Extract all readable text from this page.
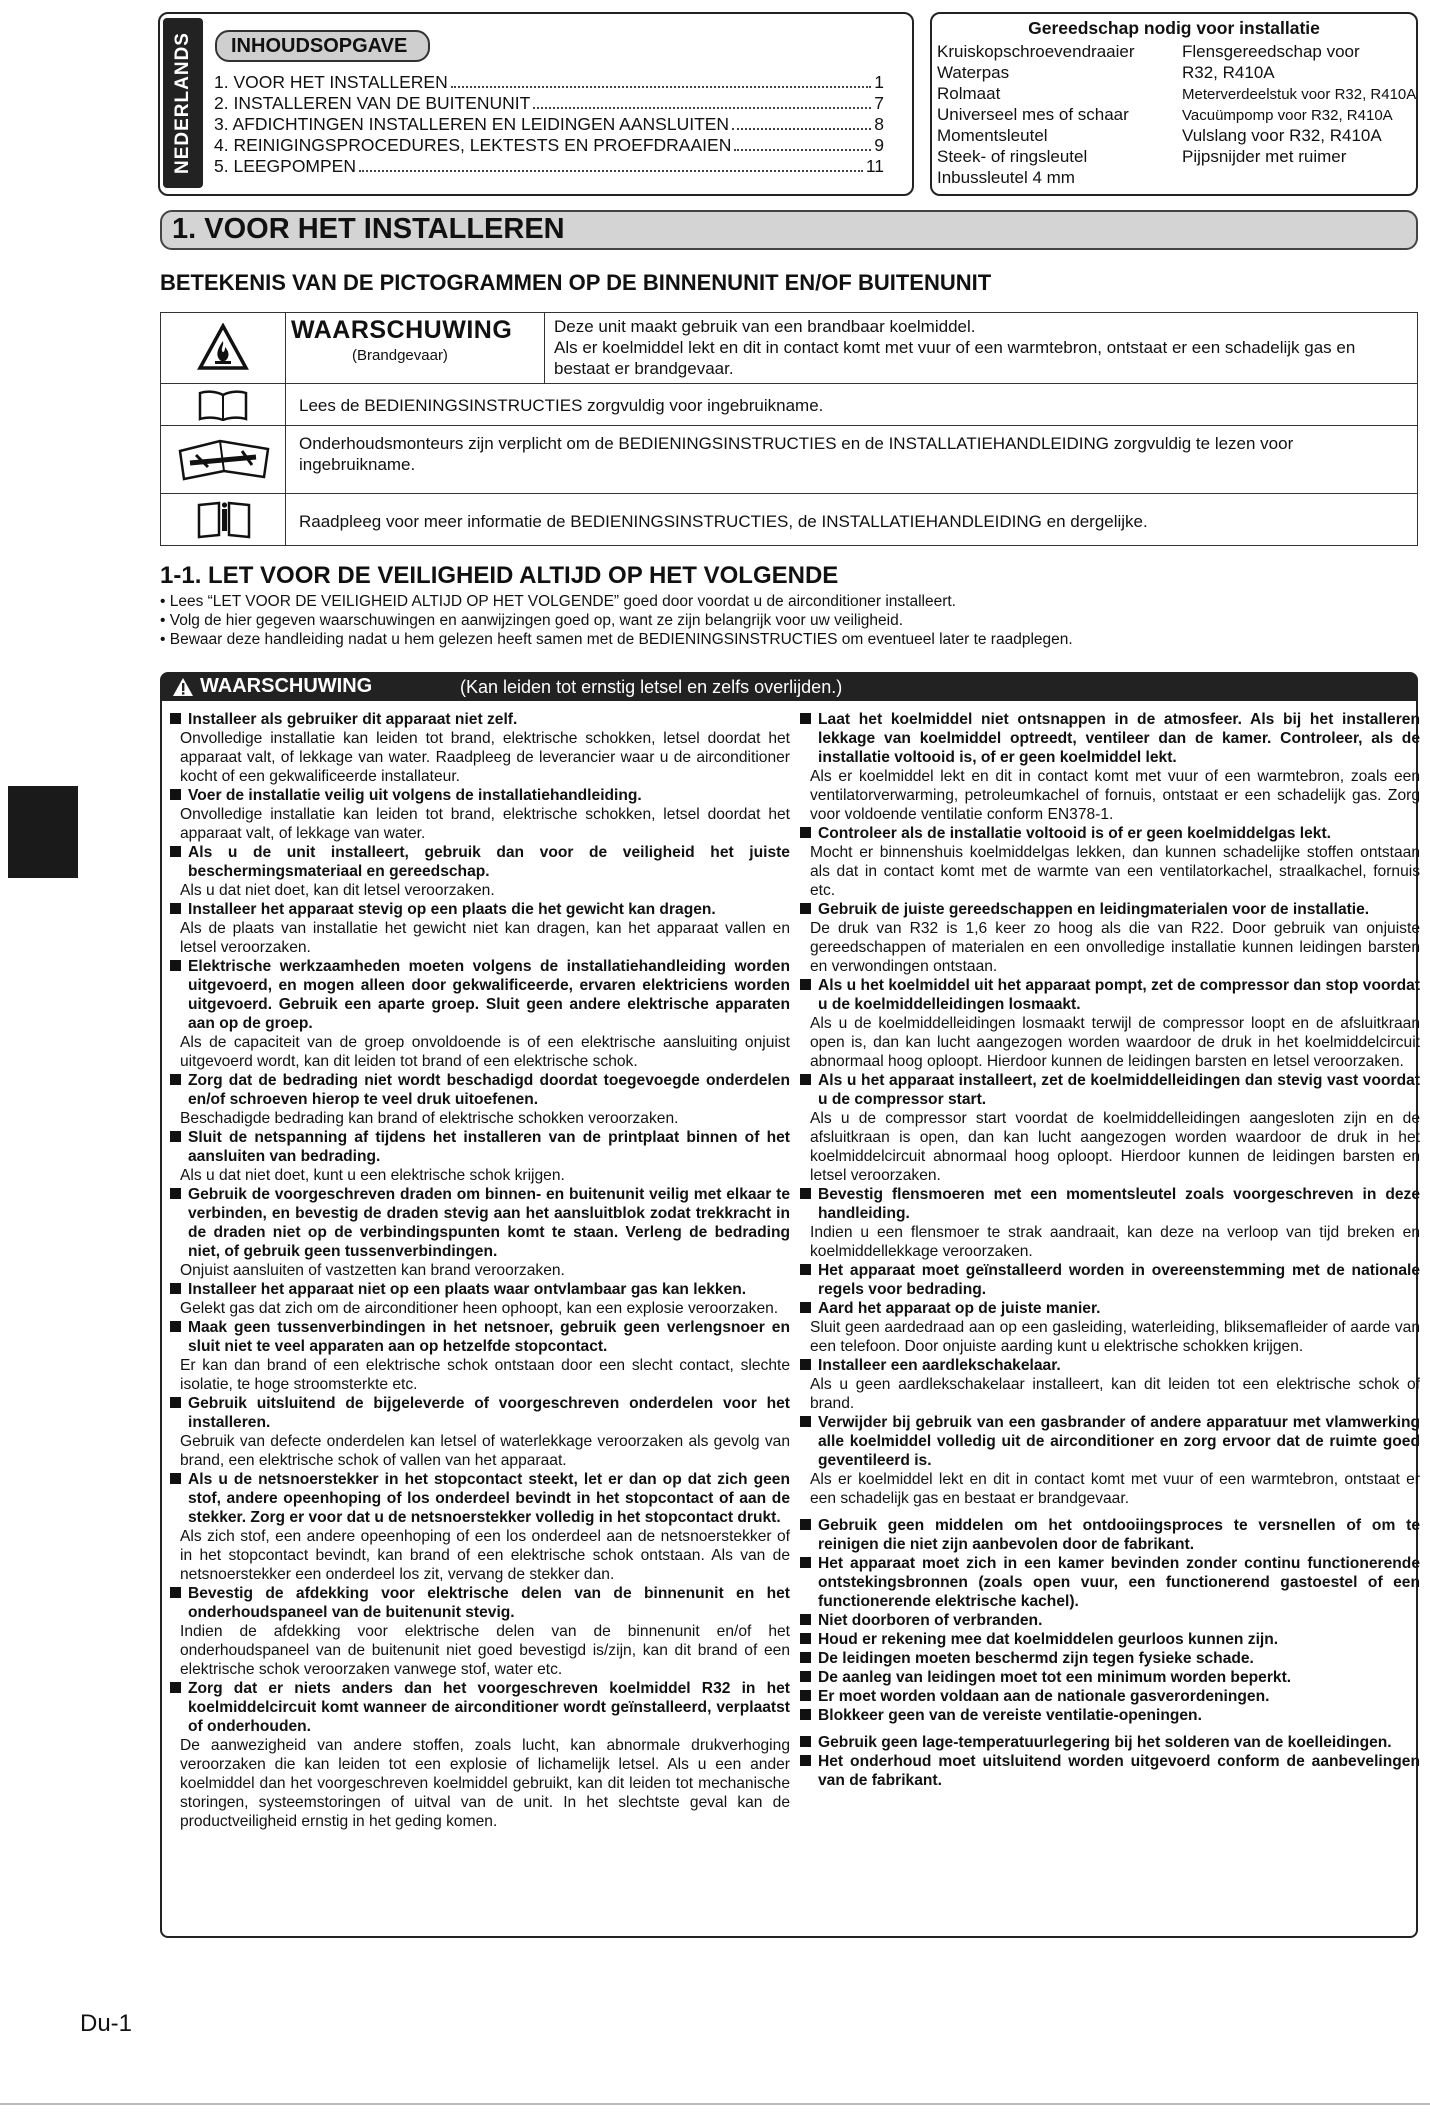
NEDERLANDS	INHOUDSOPGAVE
1. VOOR HET INSTALLEREN	1
2. INSTALLEREN VAN DE BUITENUNIT	7
3. AFDICHTINGEN INSTALLEREN EN LEIDINGEN AANSLUITEN	8
4. REINIGINGSPROCEDURES, LEKTESTS EN PROEFDRAAIEN	9
5. LEEGPOMPEN	11
Gereedschap nodig voor installatie
Kruiskopschroevendraaier
Waterpas
Rolmaat
Universeel mes of schaar
Momentsleutel
Steek- of ringsleutel
Inbussleutel 4 mm
Flensgereedschap voor
R32, R410A
Meterverdeelstuk voor R32, R410A
Vacuümpomp voor R32, R410A
Vulslang voor R32, R410A
Pijpsnijder met ruimer
1. VOOR HET INSTALLEREN
BETEKENIS VAN DE PICTOGRAMMEN OP DE BINNENUNIT EN/OF BUITENUNIT
WAARSCHUWING
(Brandgevaar)
Deze unit maakt gebruik van een brandbaar koelmiddel.
Als er koelmiddel lekt en dit in contact komt met vuur of een warmtebron, ontstaat er een schadelijk gas en bestaat er brandgevaar.
Lees de BEDIENINGSINSTRUCTIES zorgvuldig voor ingebruikname.
Onderhoudsmonteurs zijn verplicht om de BEDIENINGSINSTRUCTIES en de INSTALLATIEHANDLEIDING zorgvuldig te lezen voor ingebruikname.
Raadpleeg voor meer informatie de BEDIENINGSINSTRUCTIES, de INSTALLATIEHANDLEIDING en dergelijke.
1-1. LET VOOR DE VEILIGHEID ALTIJD OP HET VOLGENDE
• Lees “LET VOOR DE VEILIGHEID ALTIJD OP HET VOLGENDE” goed door voordat u de airconditioner installeert.
• Volg de hier gegeven waarschuwingen en aanwijzingen goed op, want ze zijn belangrijk voor uw veiligheid.
• Bewaar deze handleiding nadat u hem gelezen heeft samen met de BEDIENINGSINSTRUCTIES om eventueel later te raadplegen.
WAARSCHUWING	(Kan leiden tot ernstig letsel en zelfs overlijden.)
Installeer als gebruiker dit apparaat niet zelf.
Onvolledige installatie kan leiden tot brand, elektrische schokken, letsel doordat het apparaat valt, of lekkage van water. Raadpleeg de leverancier waar u de airconditioner kocht of een gekwalificeerde installateur.
Voer de installatie veilig uit volgens de installatiehandleiding.
Onvolledige installatie kan leiden tot brand, elektrische schokken, letsel doordat het apparaat valt, of lekkage van water.
Als u de unit installeert, gebruik dan voor de veiligheid het juiste beschermingsmateriaal en gereedschap.
Als u dat niet doet, kan dit letsel veroorzaken.
Installeer het apparaat stevig op een plaats die het gewicht kan dragen.
Als de plaats van installatie het gewicht niet kan dragen, kan het apparaat vallen en letsel veroorzaken.
Elektrische werkzaamheden moeten volgens de installatiehandleiding worden uitgevoerd, en mogen alleen door gekwalificeerde, ervaren elektriciens worden uitgevoerd. Gebruik een aparte groep. Sluit geen andere elektrische apparaten aan op de groep.
Als de capaciteit van de groep onvoldoende is of een elektrische aansluiting onjuist uitgevoerd wordt, kan dit leiden tot brand of een elektrische schok.
Zorg dat de bedrading niet wordt beschadigd doordat toegevoegde onderdelen en/of schroeven hierop te veel druk uitoefenen.
Beschadigde bedrading kan brand of elektrische schokken veroorzaken.
Sluit de netspanning af tijdens het installeren van de printplaat binnen of het aansluiten van bedrading.
Als u dat niet doet, kunt u een elektrische schok krijgen.
Gebruik de voorgeschreven draden om binnen- en buitenunit veilig met elkaar te verbinden, en bevestig de draden stevig aan het aansluitblok zodat trekkracht in de draden niet op de verbindingspunten komt te staan. Verleng de bedrading niet, of gebruik geen tussenverbindingen.
Onjuist aansluiten of vastzetten kan brand veroorzaken.
Installeer het apparaat niet op een plaats waar ontvlambaar gas kan lekken.
Gelekt gas dat zich om de airconditioner heen ophoopt, kan een explosie veroorzaken.
Maak geen tussenverbindingen in het netsnoer, gebruik geen verlengsnoer en sluit niet te veel apparaten aan op hetzelfde stopcontact.
Er kan dan brand of een elektrische schok ontstaan door een slecht contact, slechte isolatie, te hoge stroomsterkte etc.
Gebruik uitsluitend de bijgeleverde of voorgeschreven onderdelen voor het installeren.
Gebruik van defecte onderdelen kan letsel of waterlekkage veroorzaken als gevolg van brand, een elektrische schok of vallen van het apparaat.
Als u de netsnoerstekker in het stopcontact steekt, let er dan op dat zich geen stof, andere opeenhoping of los onderdeel bevindt in het stopcontact of aan de stekker. Zorg er voor dat u de netsnoerstekker volledig in het stopcontact drukt.
Als zich stof, een andere opeenhoping of een los onderdeel aan de netsnoerstekker of in het stopcontact bevindt, kan brand of een elektrische schok ontstaan. Als van de netsnoerstekker een onderdeel los zit, vervang de stekker dan.
Bevestig de afdekking voor elektrische delen van de binnenunit en het onderhoudspaneel van de buitenunit stevig.
Indien de afdekking voor elektrische delen van de binnenunit en/of het onderhoudspaneel van de buitenunit niet goed bevestigd is/zijn, kan dit brand of een elektrische schok veroorzaken vanwege stof, water etc.
Zorg dat er niets anders dan het voorgeschreven koelmiddel R32 in het koelmiddelcircuit komt wanneer de airconditioner wordt geïnstalleerd, verplaatst of onderhouden.
De aanwezigheid van andere stoffen, zoals lucht, kan abnormale drukverhoging veroorzaken die kan leiden tot een explosie of lichamelijk letsel. Als u een ander koelmiddel dan het voorgeschreven koelmiddel gebruikt, kan dit leiden tot mechanische storingen, systeemstoringen of uitval van de unit. In het slechtste geval kan de productveiligheid ernstig in het geding komen.
Laat het koelmiddel niet ontsnappen in de atmosfeer. Als bij het installeren lekkage van koelmiddel optreedt, ventileer dan de kamer. Controleer, als de installatie voltooid is, of er geen koelmiddel lekt.
Als er koelmiddel lekt en dit in contact komt met vuur of een warmtebron, zoals een ventilatorverwarming, petroleumkachel of fornuis, ontstaat er een schadelijk gas. Zorg voor voldoende ventilatie conform EN378-1.
Controleer als de installatie voltooid is of er geen koelmiddelgas lekt.
Mocht er binnenshuis koelmiddelgas lekken, dan kunnen schadelijke stoffen ontstaan als dat in contact komt met de warmte van een ventilatorkachel, straalkachel, fornuis etc.
Gebruik de juiste gereedschappen en leidingmaterialen voor de installatie.
De druk van R32 is 1,6 keer zo hoog als die van R22. Door gebruik van onjuiste gereedschappen of materialen en een onvolledige installatie kunnen leidingen barsten en verwondingen ontstaan.
Als u het koelmiddel uit het apparaat pompt, zet de compressor dan stop voordat u de koelmiddelleidingen losmaakt.
Als u de koelmiddelleidingen losmaakt terwijl de compressor loopt en de afsluitkraan open is, dan kan lucht aangezogen worden waardoor de druk in het koelmiddelcircuit abnormaal hoog oploopt. Hierdoor kunnen de leidingen barsten en letsel veroorzaken.
Als u het apparaat installeert, zet de koelmiddelleidingen dan stevig vast voordat u de compressor start.
Als u de compressor start voordat de koelmiddelleidingen aangesloten zijn en de afsluitkraan is open, dan kan lucht aangezogen worden waardoor de druk in het koelmiddelcircuit abnormaal hoog oploopt. Hierdoor kunnen de leidingen barsten en letsel veroorzaken.
Bevestig flensmoeren met een momentsleutel zoals voorgeschreven in deze handleiding.
Indien u een flensmoer te strak aandraait, kan deze na verloop van tijd breken en koelmiddellekkage veroorzaken.
Het apparaat moet geïnstalleerd worden in overeenstemming met de nationale regels voor bedrading.
Aard het apparaat op de juiste manier.
Sluit geen aardedraad aan op een gasleiding, waterleiding, bliksemafleider of aarde van een telefoon. Door onjuiste aarding kunt u elektrische schokken krijgen.
Installeer een aardlekschakelaar.
Als u geen aardlekschakelaar installeert, kan dit leiden tot een elektrische schok of brand.
Verwijder bij gebruik van een gasbrander of andere apparatuur met vlamwerking alle koelmiddel volledig uit de airconditioner en zorg ervoor dat de ruimte goed geventileerd is.
Als er koelmiddel lekt en dit in contact komt met vuur of een warmtebron, ontstaat er een schadelijk gas en bestaat er brandgevaar.
Gebruik geen middelen om het ontdooiingsproces te versnellen of om te reinigen die niet zijn aanbevolen door de fabrikant.
Het apparaat moet zich in een kamer bevinden zonder continu functionerende ontstekingsbronnen (zoals open vuur, een functionerend gastoestel of een functionerende elektrische kachel).
Niet doorboren of verbranden.
Houd er rekening mee dat koelmiddelen geurloos kunnen zijn.
De leidingen moeten beschermd zijn tegen fysieke schade.
De aanleg van leidingen moet tot een minimum worden beperkt.
Er moet worden voldaan aan de nationale gasverordeningen.
Blokkeer geen van de vereiste ventilatie-openingen.
Gebruik geen lage-temperatuurlegering bij het solderen van de koelleidingen.
Het onderhoud moet uitsluitend worden uitgevoerd conform de aanbevelingen van de fabrikant.
Du-1
